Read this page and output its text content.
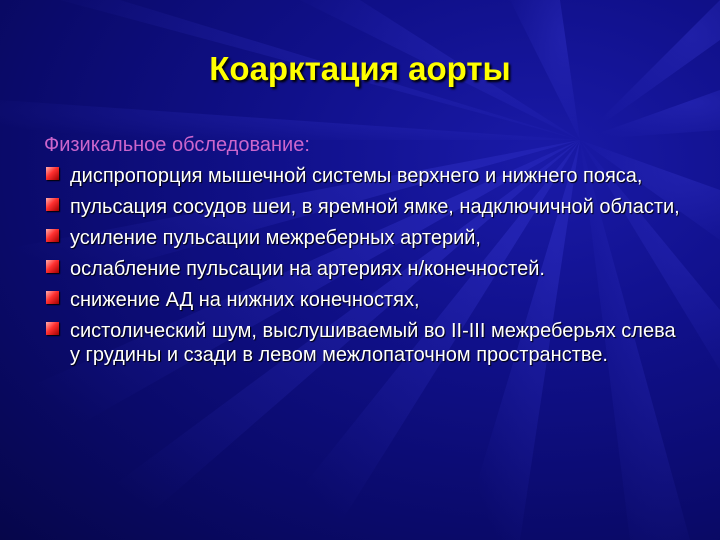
Коарктация аорты

Физикальное обследование:

диспропорция мышечной системы верхнего и нижнего пояса,
пульсация сосудов шеи, в яремной ямке, надключичной области,
усиление пульсации межреберных артерий,
ослабление пульсации на артериях н/конечностей.
снижение АД на нижних конечностях,
систолический шум, выслушиваемый во II-III межреберьях слева у грудины и сзади в левом межлопаточном пространстве.
